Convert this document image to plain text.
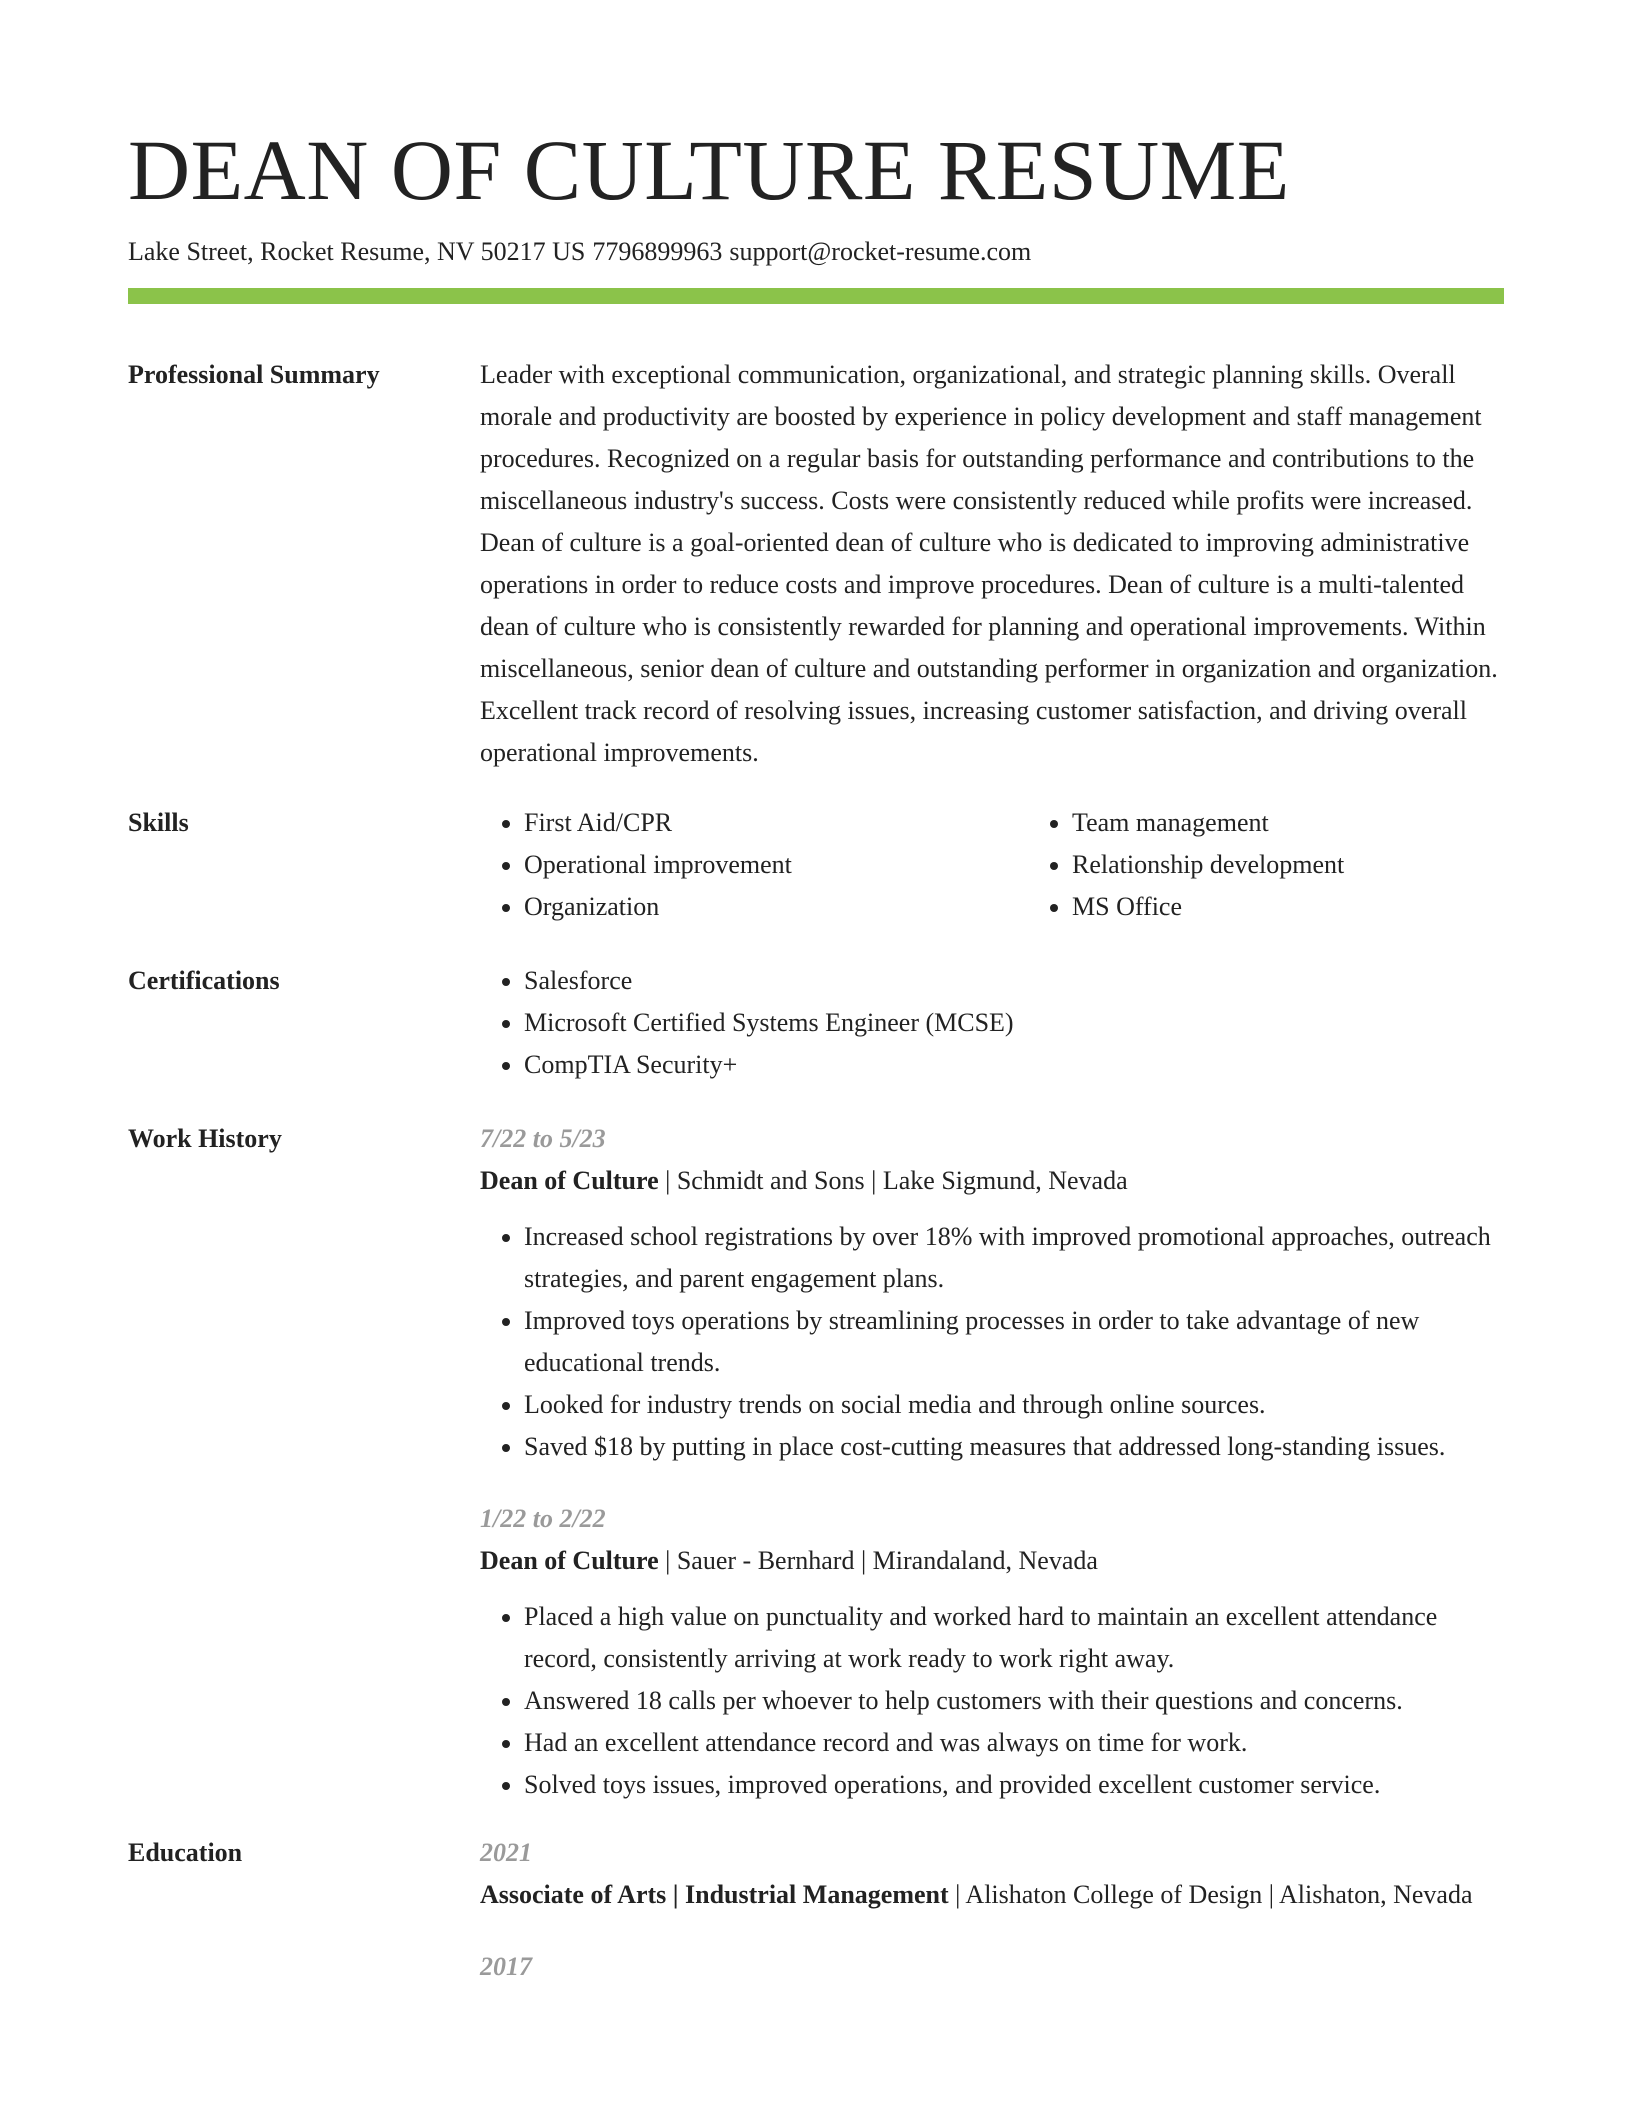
DEAN OF CULTURE RESUME
Lake Street, Rocket Resume, NV 50217 US 7796899963 support@rocket-resume.com
Professional Summary	Leader with exceptional communication, organizational, and strategic planning skills. Overall morale and productivity are boosted by experience in policy development and staff management procedures. Recognized on a regular basis for outstanding performance and contributions to the miscellaneous industry's success. Costs were consistently reduced while profits were increased. Dean of culture is a goal-oriented dean of culture who is dedicated to improving administrative operations in order to reduce costs and improve procedures. Dean of culture is a multi-talented dean of culture who is consistently rewarded for planning and operational improvements. Within miscellaneous, senior dean of culture and outstanding performer in organization and organization. Excellent track record of resolving issues, increasing customer satisfaction, and driving overall operational improvements.
Skills	• First Aid/CPR
• Operational improvement
• Organization
• Team management
• Relationship development
• MS Office
Certifications	• Salesforce
• Microsoft Certified Systems Engineer (MCSE)
• CompTIA Security+
Work History	7/22 to 5/23
Dean of Culture | Schmidt and Sons | Lake Sigmund, Nevada
• Increased school registrations by over 18% with improved promotional approaches, outreach strategies, and parent engagement plans.
• Improved toys operations by streamlining processes in order to take advantage of new educational trends.
• Looked for industry trends on social media and through online sources.
• Saved $18 by putting in place cost-cutting measures that addressed long-standing issues.
1/22 to 2/22
Dean of Culture | Sauer - Bernhard | Mirandaland, Nevada
• Placed a high value on punctuality and worked hard to maintain an excellent attendance record, consistently arriving at work ready to work right away.
• Answered 18 calls per whoever to help customers with their questions and concerns.
• Had an excellent attendance record and was always on time for work.
• Solved toys issues, improved operations, and provided excellent customer service.
Education	2021
Associate of Arts | Industrial Management | Alishaton College of Design | Alishaton, Nevada
2017
